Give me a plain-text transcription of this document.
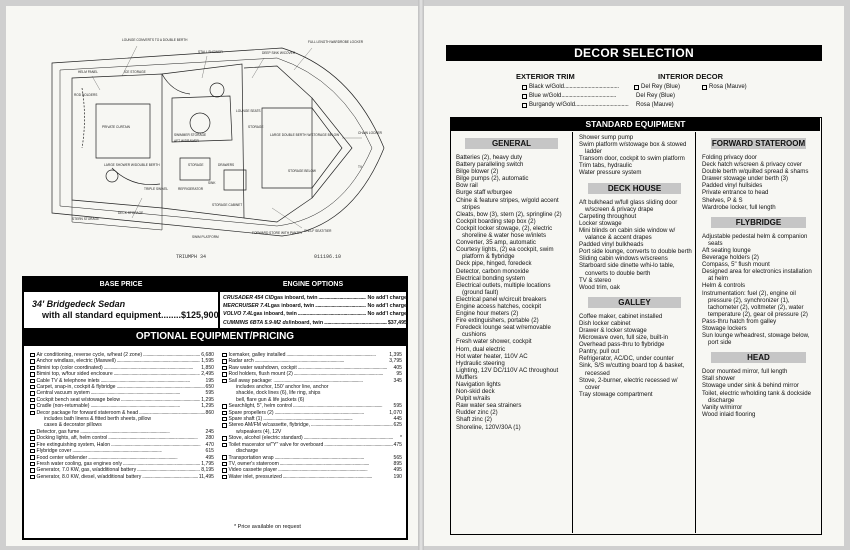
LOUNGE CONVERTS TO A DOUBLE BERTH
STALL SHOWER	DEEP SINK W/COVER
FULL LENGTH WARDROBE LOCKER
HELM PANEL	ICE STORAGE
PRIVATE CURTAIN
ROD HOLDERS
SWIMMER STORAGE
AFT W/DRAWER
STORAGE
LOUNGE SEATS
LARGE DOUBLE BERTH W/STORAGE BELOW	CHAIN LOCKER
TV
REFRIGERATOR
STORAGE	DRAWERS
LARGE SHOWER W/DOUBLE BERTH
STORAGE CABINET
SINK
STORAGE BELOW
TRIPLE SWIVEL
DECK STORAGE
FORWARD STORE WITH PANTRY SHELF SEAT/TIER
STERN STORAGE
SWIM PLATFORM
TRIUMPH 34	011196.10
BASE PRICE	ENGINE OPTIONS
34' Bridgedeck Sedan
with all standard equipment........$125,900
CRUSADER 454 CID gas inboard, twin .....	No add'l charge
MERCRUISER 7.4L gas inboard, twin .....	No add'l charge
VOLVO 7.4L gas inboard, twin .....	No add'l charge
CUMMINS 6BTA 5.9-M2 dsl inboard, twin .....	$37,495
OPTIONAL EQUIPMENT/PRICING
Air conditioning, reverse cycle, w/heat (2 zone) .....	6,680
Anchor windlass, electric (Maxwell) .....	1,595
Bimini top (color coordinated) .....	1,850
Bimini top, w/four sided enclosure .....	2,495
Cable TV & telephone inlets .....	195
Carpet, snap-in, cockpit & flybridge .....	650
Central vacuum system .....	595
Cockpit bench seat w/stowage below .....	1,295
Cradle (non-returnable) .....	1,295
Decor package for forward stateroom & head .....	860
includes bath linens & fitted berth sheets, pillow
cases & decorator pillows
Detector, gas fume .....	245
Docking lights, aft, helm control .....	280
Fire extinguishing system, Halon .....	470
Flybridge cover .....	615
Food center w/blender .....	495
Fresh water cooling, gas engines only .....	1,795
Generator, 7.0 KW, gas, w/additional battery .....	8,195
Generator, 8.0 KW, diesel, w/additional battery .....	11,495
Icemaker, galley installed .....	1,395
Radar arch .....	3,795
Raw water washdown, cockpit .....	405
Rod holders, flush mount (2) .....	95
Sail away package: .....	345
includes anchor, 150' anchor line, anchor
shackle, dock lines (6), life ring, ships
bell, flare gun & life jackets (6)
Searchlight, 5", helm control .....	595
Spare propellers (2) .....	1,070
Spare shaft (1) .....	445
Stereo AM/FM w/cassette, flybridge, .....	625
w/speakers (4), 12V
Stove, alcohol (electric standard) .....	*
Toilet macerator w/"Y" valve for overboard .....	475
discharge
Transportation wrap .....	565
TV, owner's stateroom .....	895
Video cassette player .....	495
Water inlet, pressurized .....	190
* Price available on request
DECOR SELECTION
EXTERIOR TRIM	INTERIOR DECOR
Black w/Gold .....	Del Rey (Blue)	Rosa (Mauve)
Blue w/Gold .....	Del Rey (Blue)
Burgandy w/Gold .....	Rosa (Mauve)
STANDARD EQUIPMENT
GENERAL
Batteries (2), heavy duty
Battery paralleling switch
Bilge blower (2)
Bilge pumps (2), automatic
Bow rail
Burge staff w/burgee
Chine & feature stripes, w/gold accent stripes
Cleats, bow (3), stern (2), springline (2)
Cockpit boarding step box (2)
Cockpit locker stowage, (2), electric shoreline & water hose w/inlets
Converter, 35 amp, automatic
Courtesy lights, (2) ea cockpit, swim platform & flybridge
Deck pipe, hinged, foredeck
Detector, carbon monoxide
Electrical bonding system
Electrical outlets, multiple locations (ground fault)
Electrical panel w/circuit breakers
Engine access hatches, cockpit
Engine hour meters (2)
Fire extinguishers, portable (2)
Foredeck lounge seat w/removable cushions
Fresh water shower, cockpit
Horn, dual electric
Hot water heater, 110V AC
Hydraulic steering
Lighting, 12V DC/110V AC throughout
Mufflers
Navigation lights
Non-skid deck
Pulpit w/rails
Raw water sea strainers
Rudder zinc (2)
Shaft zinc (2)
Shoreline, 120V/30A (1)
Shower sump pump
Swim platform w/stowage box & stowed ladder
Transom door, cockpit to swim platform
Trim tabs, hydraulic
Water pressure system
DECK HOUSE
Aft bulkhead w/full glass sliding door w/screen & privacy drape
Carpeting throughout
Locker stowage
Mini blinds on cabin side window w/ valance & accent drapes
Padded vinyl bulkheads
Port side lounge, converts to double berth
Sliding cabin windows w/screens
Starboard side dinette w/hi-lo table, converts to double berth
TV & stereo
Wood trim, oak
GALLEY
Coffee maker, cabinet installed
Dish locker cabinet
Drawer & locker stowage
Microwave oven, full size, built-in
Overhead pass-thru to flybridge
Pantry, pull out
Refrigerator, AC/DC, under counter
Sink, S/S w/cutting board top & basket, recessed
Stove, 2-burner, electric recessed w/ cover
Tray stowage compartment
FORWARD STATEROOM
Folding privacy door
Deck hatch w/screen & privacy cover
Double berth w/quilted spread & shams
Drawer stowage under berth (3)
Padded vinyl hullsides
Private entrance to head
Shelves, P & S
Wardrobe locker, full length
FLYBRIDGE
Adjustable pedestal helm & companion seats
Aft seating lounge
Beverage holders (2)
Compass, 5" flush mount
Designed area for electronics installation at helm
Helm & controls
Instrumentation: fuel (2), engine oil pressure (2), synchronizer (1), tachometer (2), voltmeter (2), water temperature (2), gear oil pressure (2)
Pass-thru hatch from galley
Stowage lockers
Sun lounge w/headrest, stowage below, port side
HEAD
Door mounted mirror, full length
Stall shower
Stowage under sink & behind mirror
Toilet, electric w/holding tank & dockside discharge
Vanity w/mirror
Wood inlaid flooring
